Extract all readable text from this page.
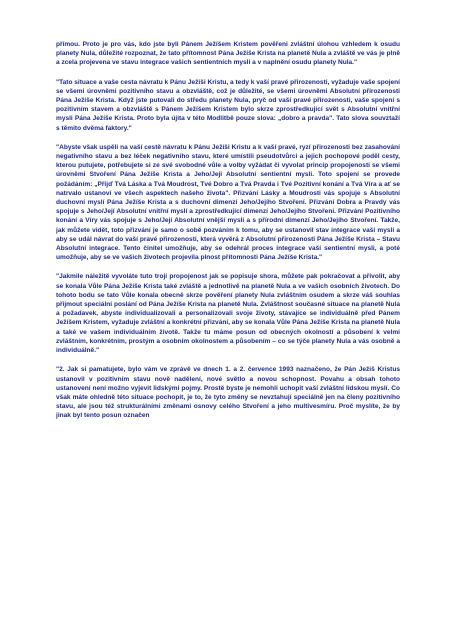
přímou. Proto je pro vás, kdo jste byli Pánem Ježíšem Kristem pověřeni zvláštní úlohou vzhledem k osudu planety Nula, důležité rozpoznat, že tato přítomnost Pána Ježíše Krista na planetě Nula a zvláště ve vás je plně a zcela projevena ve stavu integrace vašich sentientních mysli a v naplnění osudu planety Nula."

"Tato situace a vaše cesta návratu k Pánu Ježíši Kristu, a tedy k vaší pravé přirozenosti, vyžaduje vaše spojení se všemi úrovněmi pozitivního stavu a obzvláště, což je důležité, se všemi úrovněmi Absolutní přirozenosti Pána Ježíše Krista. Když jste putovali do středu planety Nula, pryč od vaší pravé přirozenosti, vaše spojení s pozitivním stavem a obzvláště s Pánem Ježíšem Kristem bylo skrze zprostředkující svět s Absolutní vnitřní mysli Pána Ježíše Krista. Proto byla újita v této Modlitbě pouze slova: „dobro a pravda". Tato slova souvztaží s těmito dvěma faktory."

"Abyste však uspěli na vaší cestě návratu k Pánu Ježíši Kristu a k vaší pravé, ryzí přirozenosti bez zasahování negativního stavu a bez léček negativního stavu, které umístili pseudotvůrci a jejich pochopové poděl cesty, kterou putujete, potřebujete si ze své svobodné vůle a volby vyžádat či vyvolat princip propojenosti se všemi úrovněmi Stvoření Pána Ježíše Krista a Jeho/Její Absolutní sentientní mysli. Toto spojení se provede požádáním: „Přijď Tvá Láska a Tvá Moudrost, Tvé Dobro a Tvá Pravda i Tvé Pozitivní konání a Tvá Víra a ať se natrvalo ustanoví ve všech aspektech našeho života". Přizvání Lásky a Moudrosti vás spojuje s Absolutní duchovní myslí Pána Ježíše Krista a s duchovní dimenzí Jeho/Jejího Stvoření. Přizvání Dobra a Pravdy vás spojuje s Jeho/Její Absolutní vnitřní myslí a zprostředkující dimenzí Jeho/Jejího Stvoření. Přizvání Pozitivního konání a Víry vás spojuje s Jeho/Její Absolutní vnější myslí a s přírodní dimenzí Jeho/Jejího Stvoření. Takže, jak můžete vidět, toto přizvání je samo o sobě pozváním k tomu, aby se ustanovil stav integrace vaší mysli a aby se udál návrat do vaší pravé přirozenosti, která vyvěrá z Absolutní přirozenosti Pána Ježíše Krista – Stavu Absolutní integrace. Tento činitel umožňuje, aby se odehrál proces integrace vaší sentientní mysli, a poté umožňuje, aby se ve vašich životech projevila plnost přítomnosti Pána Ježíše Krista."

"Jakmile náležitě vyvoláte tuto trojí propojenost jak se popisuje shora, můžete pak pokračovat a přivolit, aby se konala Vůle Pána Ježíše Krista také zvláště a jednotlivě na planetě Nula a ve vašich osobních životech. Do tohoto bodu se tato Vůle konala obecně skrze pověření planety Nula zvláštním osudem a skrze váš souhlas přijmout speciální poslání od Pána Ježíše Krista na planetě Nula. Zvláštnost současné situace na planetě Nula a požadavek, abyste individualizovali a personalizovali svoje životy, stávajíce se individuálně před Pánem Ježíšem Kristem, vyžaduje zvláštní a konkrétní přizvání, aby se konala Vůle Pána Ježíše Krista na planetě Nula a také ve vašem individuálním životě. Takže tu máme posun od obecných okolností a působení k velmi zvláštním, konkrétním, prostým a osobním okolnostem a působením – co se týče planety Nula a vás osobně a individuálně."

"2. Jak si pamatujete, bylo vám ve zprávě ve dnech 1. a 2. července 1993 naznačeno, že Pán Ježíš Kristus ustanovil v pozitivním stavu nově nadělení, nové světlo a novou schopnost. Povahu a obsah tohoto ustanovení není možno vyjevit lidskými pojmy. Prostě byste je nemohli uchopit vaší zvláštní lidskou myslí. Co však máte ohledně této situace pochopit, je to, že tyto změny se nevztahují speciálně jen na členy pozitivního stavu, ale jsou též strukturálními změnami osnovy celého Stvoření a jeho multivesmíru. Proč myslíte, že by jinak byl tento posun označen
